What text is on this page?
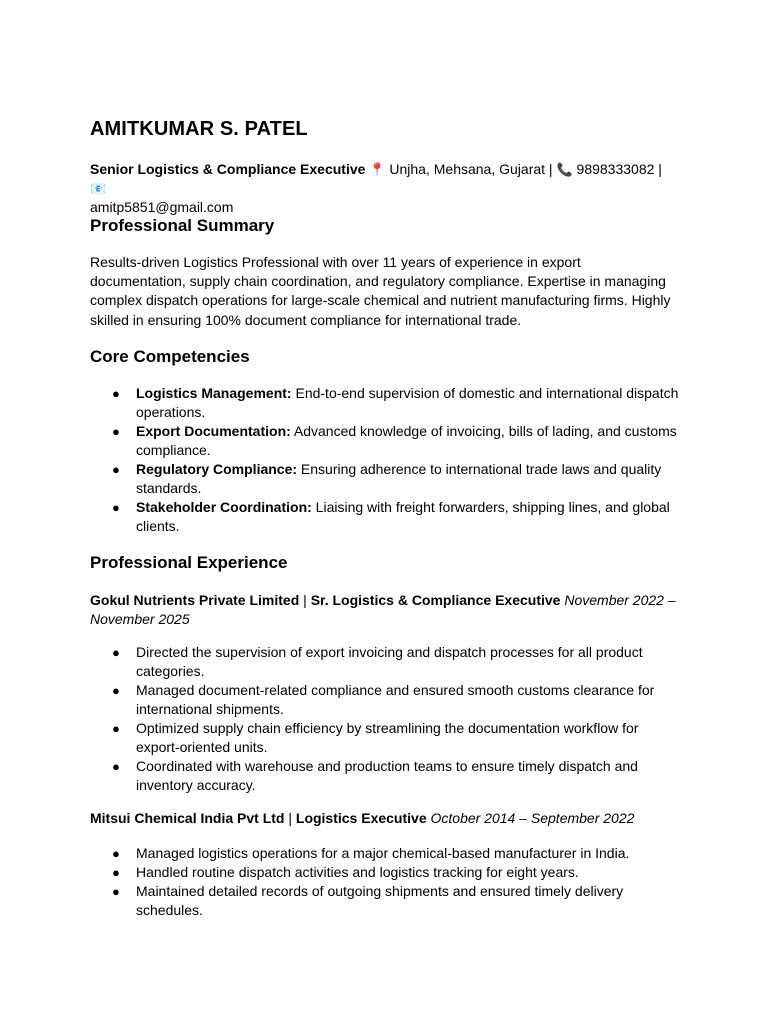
AMITKUMAR S. PATEL
Senior Logistics & Compliance Executive 📍 Unjha, Mehsana, Gujarat | 📞 9898333082 | 📧
amitp5851@gmail.com
Professional Summary

Results-driven Logistics Professional with over 11 years of experience in export documentation, supply chain coordination, and regulatory compliance. Expertise in managing complex dispatch operations for large-scale chemical and nutrient manufacturing firms. Highly skilled in ensuring 100% document compliance for international trade.

Core Competencies
● Logistics Management: End-to-end supervision of domestic and international dispatch operations.
● Export Documentation: Advanced knowledge of invoicing, bills of lading, and customs compliance.
● Regulatory Compliance: Ensuring adherence to international trade laws and quality standards.
● Stakeholder Coordination: Liaising with freight forwarders, shipping lines, and global clients.
Professional Experience

Gokul Nutrients Private Limited | Sr. Logistics & Compliance Executive November 2022 – November 2025

● Directed the supervision of export invoicing and dispatch processes for all product categories.
● Managed document-related compliance and ensured smooth customs clearance for international shipments.
● Optimized supply chain efficiency by streamlining the documentation workflow for export-oriented units.
● Coordinated with warehouse and production teams to ensure timely dispatch and inventory accuracy.

Mitsui Chemical India Pvt Ltd | Logistics Executive October 2014 – September 2022

● Managed logistics operations for a major chemical-based manufacturer in India.
● Handled routine dispatch activities and logistics tracking for eight years.
● Maintained detailed records of outgoing shipments and ensured timely delivery schedules.
